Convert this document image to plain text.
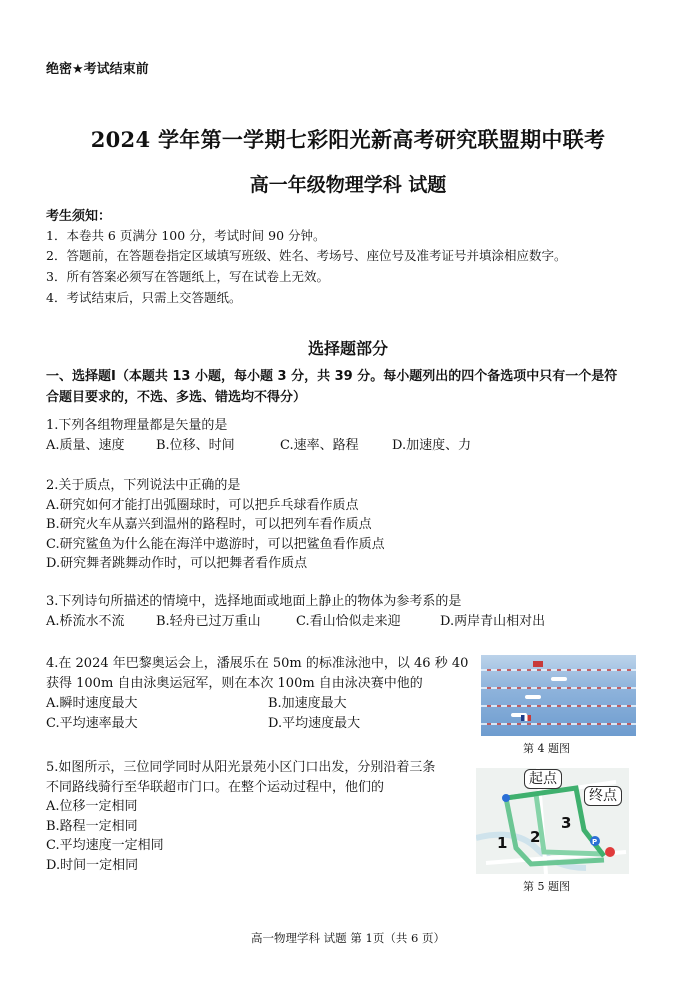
绝密★考试结束前
2024 学年第一学期七彩阳光新高考研究联盟期中联考
高一年级物理学科 试题
考生须知：
1．本卷共 6 页满分 100 分，考试时间 90 分钟。
2．答题前，在答题卷指定区域填写班级、姓名、考场号、座位号及准考证号并填涂相应数字。
3．所有答案必须写在答题纸上，写在试卷上无效。
4．考试结束后，只需上交答题纸。
选择题部分
一、选择题Ⅰ（本题共 13 小题，每小题 3 分，共 39 分。每小题列出的四个备选项中只有一个是符
合题目要求的，不选、多选、错选均不得分）
1.下列各组物理量都是矢量的是
A.质量、速度 B.位移、时间	C.速率、路程	D.加速度、力
2.关于质点，下列说法中正确的是
A.研究如何才能打出弧圈球时，可以把乒乓球看作质点
B.研究火车从嘉兴到温州的路程时，可以把列车看作质点
C.研究鲨鱼为什么能在海洋中遨游时，可以把鲨鱼看作质点
D.研究舞者跳舞动作时，可以把舞者看作质点
3.下列诗句所描述的情境中，选择地面或地面上静止的物体为参考系的是
A.桥流水不流 B.轻舟已过万重山	C.看山恰似走来迎	D.两岸青山相对出
4.在 2024 年巴黎奥运会上，潘展乐在 50m 的标准泳池中，以 46 秒 40
获得 100m 自由泳奥运冠军，则在本次 100m 自由泳决赛中他的
A.瞬时速度最大	B.加速度最大
C.平均速率最大	D.平均速度最大
第 4 题图
5.如图所示，三位同学同时从阳光景苑小区门口出发，分别沿着三条
不同路线骑行至华联超市门口。在整个运动过程中，他们的
A.位移一定相同
B.路程一定相同
C.平均速度一定相同
D.时间一定相同
P
起点
终点
1 2
3
第 5 题图
高一物理学科 试题 第 1页（共 6 页）
